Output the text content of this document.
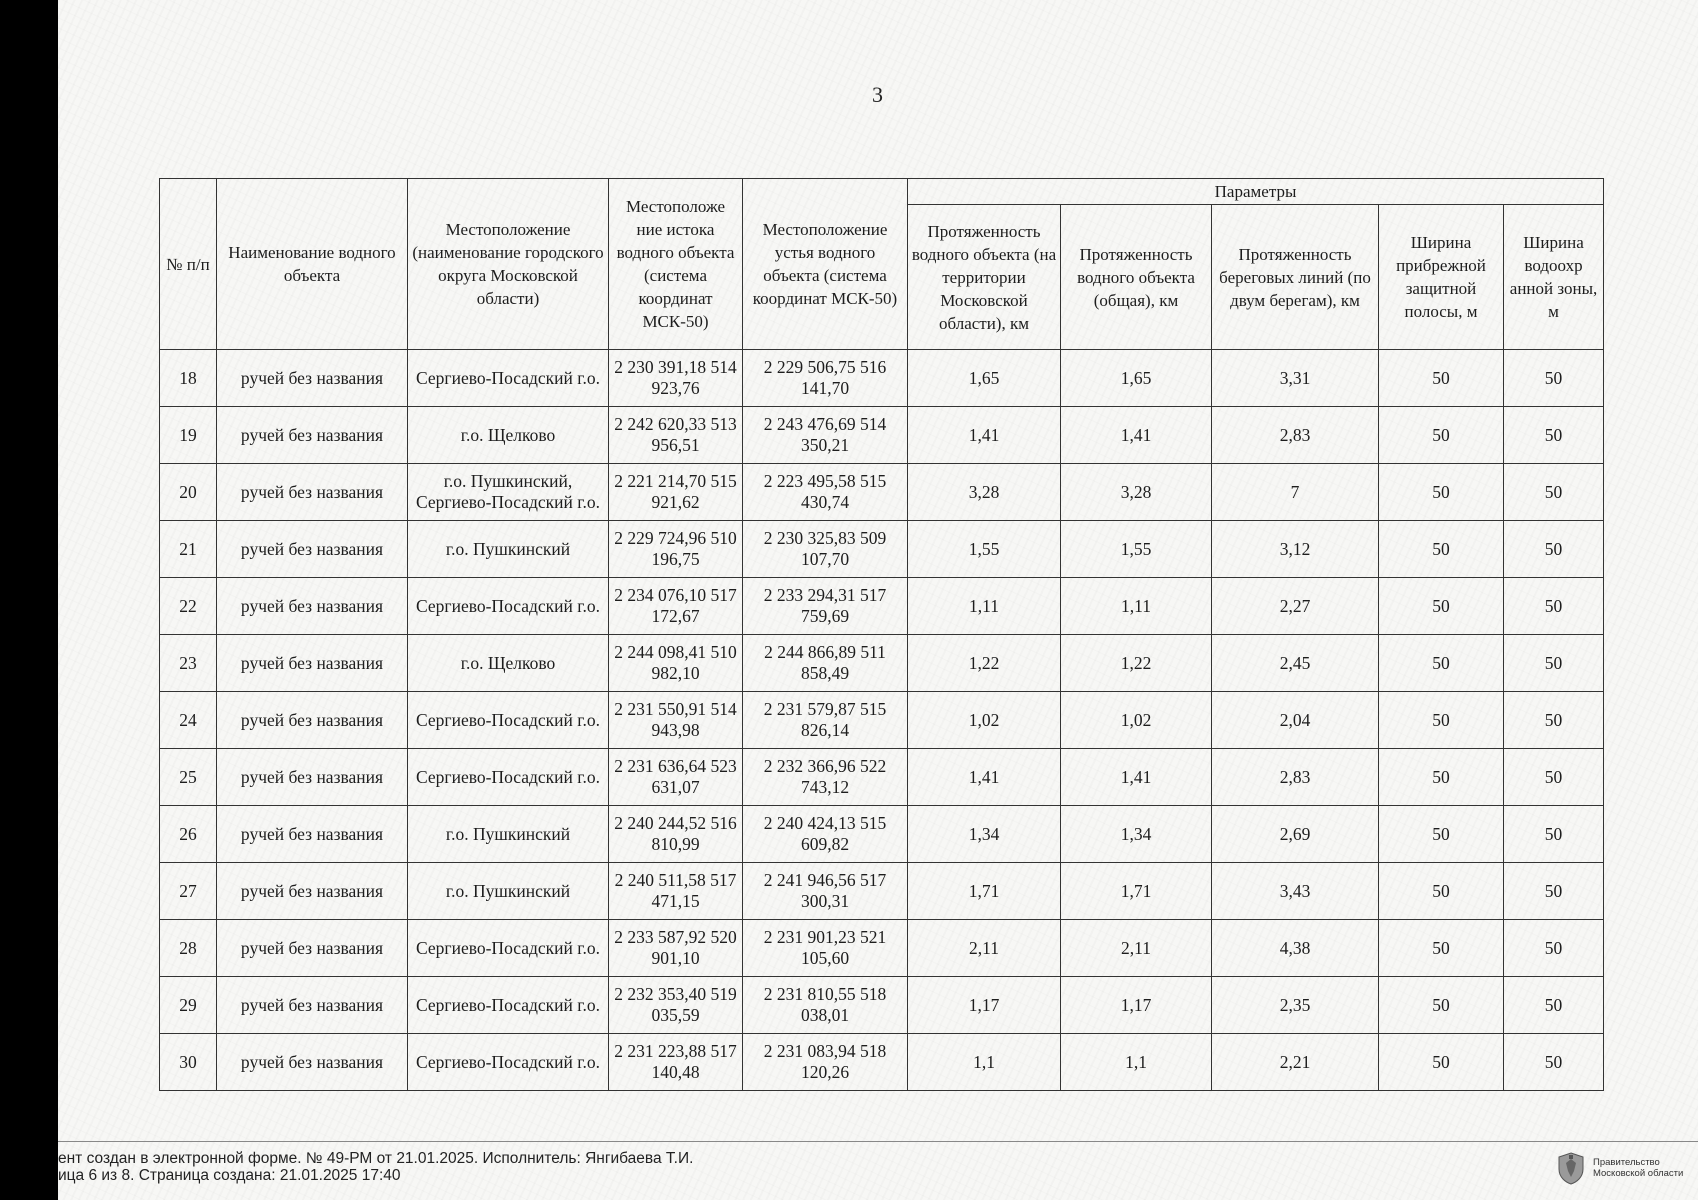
3
№ п/п	Наименование водного объекта	Местоположение (наименование городского округа Московской области)	Местоположе ние истока водного объекта (система координат МСК-50)	Местоположение устья водного объекта (система координат МСК-50)	Параметры				
					Протяженность водного объекта (на территории Московской области), км	Протяженность водного объекта (общая), км	Протяженность береговых линий (по двум берегам), км	Ширина прибрежной защитной полосы, м	Ширина водоохр анной зоны, м
18	ручей без названия	Сергиево-Посадский г.о.	2 230 391,18 514 923,76	2 229 506,75 516 141,70	1,65	1,65	3,31	50	50
19	ручей без названия	г.о. Щелково	2 242 620,33 513 956,51	2 243 476,69 514 350,21	1,41	1,41	2,83	50	50
20	ручей без названия	г.о. Пушкинский, Сергиево-Посадский г.о.	2 221 214,70 515 921,62	2 223 495,58 515 430,74	3,28	3,28	7	50	50
21	ручей без названия	г.о. Пушкинский	2 229 724,96 510 196,75	2 230 325,83 509 107,70	1,55	1,55	3,12	50	50
22	ручей без названия	Сергиево-Посадский г.о.	2 234 076,10 517 172,67	2 233 294,31 517 759,69	1,11	1,11	2,27	50	50
23	ручей без названия	г.о. Щелково	2 244 098,41 510 982,10	2 244 866,89 511 858,49	1,22	1,22	2,45	50	50
24	ручей без названия	Сергиево-Посадский г.о.	2 231 550,91 514 943,98	2 231 579,87 515 826,14	1,02	1,02	2,04	50	50
25	ручей без названия	Сергиево-Посадский г.о.	2 231 636,64 523 631,07	2 232 366,96 522 743,12	1,41	1,41	2,83	50	50
26	ручей без названия	г.о. Пушкинский	2 240 244,52 516 810,99	2 240 424,13 515 609,82	1,34	1,34	2,69	50	50
27	ручей без названия	г.о. Пушкинский	2 240 511,58 517 471,15	2 241 946,56 517 300,31	1,71	1,71	3,43	50	50
28	ручей без названия	Сергиево-Посадский г.о.	2 233 587,92 520 901,10	2 231 901,23 521 105,60	2,11	2,11	4,38	50	50
29	ручей без названия	Сергиево-Посадский г.о.	2 232 353,40 519 035,59	2 231 810,55 518 038,01	1,17	1,17	2,35	50	50
30	ручей без названия	Сергиево-Посадский г.о.	2 231 223,88 517 140,48	2 231 083,94 518 120,26	1,1	1,1	2,21	50	50
ент создан в электронной форме. № 49-РМ от 21.01.2025. Исполнитель: Янгибаева Т.И.
ица 6 из 8. Страница создана: 21.01.2025 17:40
Правительство
Московской области
